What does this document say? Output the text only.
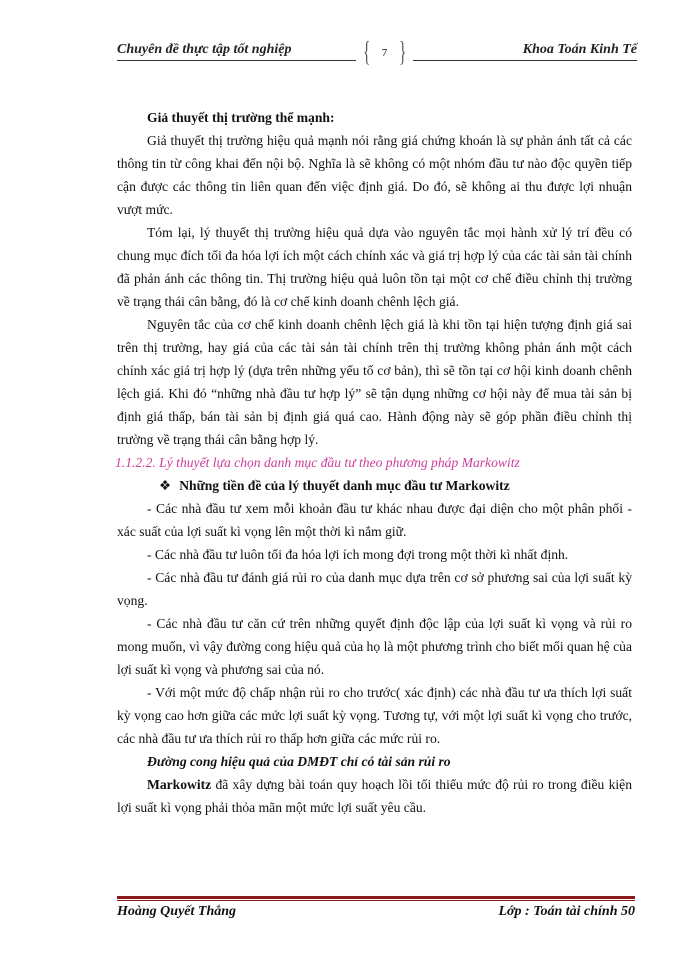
Chuyên đề thực tập tốt nghiệp	{	7 }	Khoa Toán Kinh Tế

Giả thuyết thị trường thể mạnh:

Giả thuyết thị trường hiệu quả mạnh nói rằng giá chứng khoán là sự phản ánh tất cả các thông tin từ công khai đến nội bộ. Nghĩa là sẽ không có một nhóm đầu tư nào độc quyền tiếp cận được các thông tin liên quan đến việc định giá. Do đó, sẽ không ai thu được lợi nhuận vượt mức.

Tóm lại, lý thuyết thị trường hiệu quả dựa vào nguyên tắc mọi hành xử lý trí đều có chung mục đích tối đa hóa lợi ích một cách chính xác và giá trị hợp lý của các tài sản tài chính đã phản ánh các thông tin. Thị trường hiệu quả luôn tồn tại một cơ chế điều chỉnh thị trường về trạng thái cân bằng, đó là cơ chế kinh doanh chênh lệch giá.

Nguyên tắc của cơ chế kinh doanh chênh lệch giá là khi tồn tại hiện tượng định giá sai trên thị trường, hay giá của các tài sản tài chính trên thị trường không phản ánh một cách chính xác giá trị hợp lý (dựa trên những yếu tố cơ bản), thì sẽ tồn tại cơ hội kinh doanh chênh lệch giá. Khi đó “những nhà đầu tư hợp lý” sẽ tận dụng những cơ hội này để mua tài sản bị định giá thấp, bán tài sản bị định giá quá cao. Hành động này sẽ góp phần điều chỉnh thị trường về trạng thái cân bằng hợp lý.

1.1.2.2. Lý thuyết lựa chọn danh mục đầu tư theo phương pháp Markowitz

❖ Những tiền đề của lý thuyết danh mục đầu tư Markowitz

- Các nhà đầu tư xem mỗi khoản đầu tư khác nhau được đại diện cho một phân phối - xác suất của lợi suất kì vọng lên một thời kì nắm giữ.

- Các nhà đầu tư luôn tối đa hóa lợi ích mong đợi trong một thời kì nhất định.

- Các nhà đầu tư đánh giá rủi ro của danh mục dựa trên cơ sở phương sai của lợi suất kỳ vọng.

- Các nhà đầu tư căn cứ trên những quyết định độc lập của lợi suất kì vọng và rủi ro mong muốn, vì vậy đường cong hiệu quả của họ là một phương trình cho biết mối quan hệ của lợi suất kì vọng và phương sai của nó.

- Với một mức độ chấp nhận rủi ro cho trước( xác định) các nhà đầu tư ưa thích lợi suất kỳ vọng cao hơn giữa các mức lợi suất kỳ vọng. Tương tự, với một lợi suất kì vọng cho trước, các nhà đầu tư ưa thích rủi ro thấp hơn giữa các mức rủi ro.

Đường cong hiệu quả của DMĐT chỉ có tài sản rủi ro

Markowitz đã xây dựng bài toán quy hoạch lồi tối thiểu mức độ rủi ro trong điều kiện lợi suất kì vọng phải thỏa mãn một mức lợi suất yêu cầu.

Hoàng Quyết Thắng	Lớp : Toán tài chính 50
